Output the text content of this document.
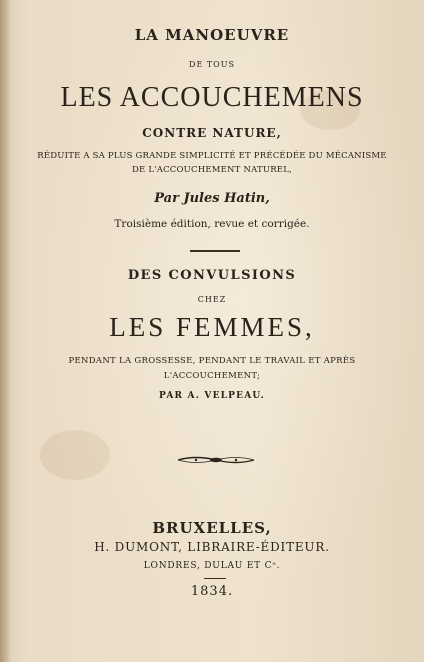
LA MANOEUVRE
DE TOUS
LES ACCOUCHEMENS
CONTRE NATURE,
RÉDUITE A SA PLUS GRANDE SIMPLICITÉ ET PRÉCÉDÉE DU MÉCANISME
DE L'ACCOUCHEMENT NATUREL,
Par Jules Hatin,
Troisième édition, revue et corrigée.
DES CONVULSIONS
CHEZ
LES FEMMES,
PENDANT LA GROSSESSE, PENDANT LE TRAVAIL ET APRÈS
L'ACCOUCHEMENT;
PAR A. VELPEAU.
BRUXELLES,
H. DUMONT, LIBRAIRE-ÉDITEUR.
LONDRES, DULAU ET Cᵒ.
1834.
